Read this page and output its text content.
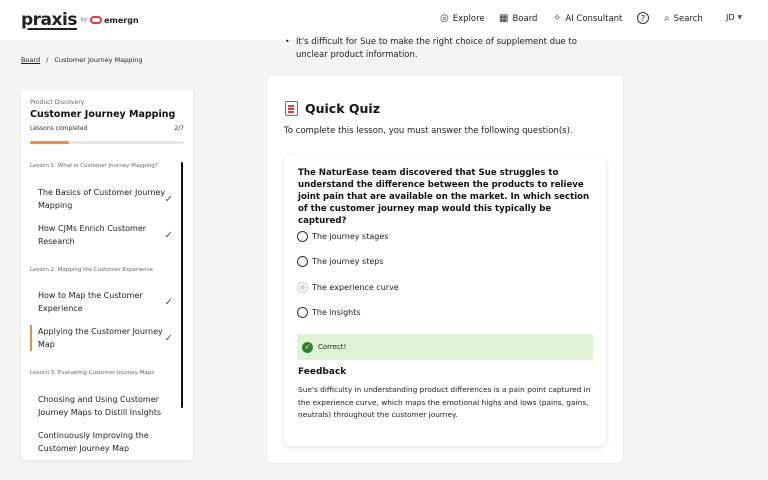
praxis by emergn	◎ Explore ▦ Board ✧ AI Consultant ? ⌕ Search	JD ▼
Board / Customer Journey Mapping
Product Discovery
Customer Journey Mapping
Lessons completed	2/7
Lesson 1: What is Customer Journey Mapping?
The Basics of Customer Journey Mapping
✓
How CJMs Enrich Customer Research
✓
Lesson 2: Mapping the Customer Experience
How to Map the Customer Experience
✓
Applying the Customer Journey Map
✓
Lesson 3: Evaluating Customer Journey Maps
Choosing and Using Customer Journey Maps to Distill Insights
Continuously Improving the Customer Journey Map
• It's difficult for Sue to make the right choice of supplement due to
unclear product information.
Quick Quiz
To complete this lesson, you must answer the following question(s).
The NaturEase team discovered that Sue struggles to understand the difference between the products to relieve joint pain that are available on the market. In which section of the customer journey map would this typically be captured?
The journey stages
The journey steps
The experience curve
The insights
✓	Correct!
Feedback
Sue's difficulty in understanding product differences is a pain point captured in the experience curve, which maps the emotional highs and lows (pains, gains, neutrals) throughout the customer journey.
